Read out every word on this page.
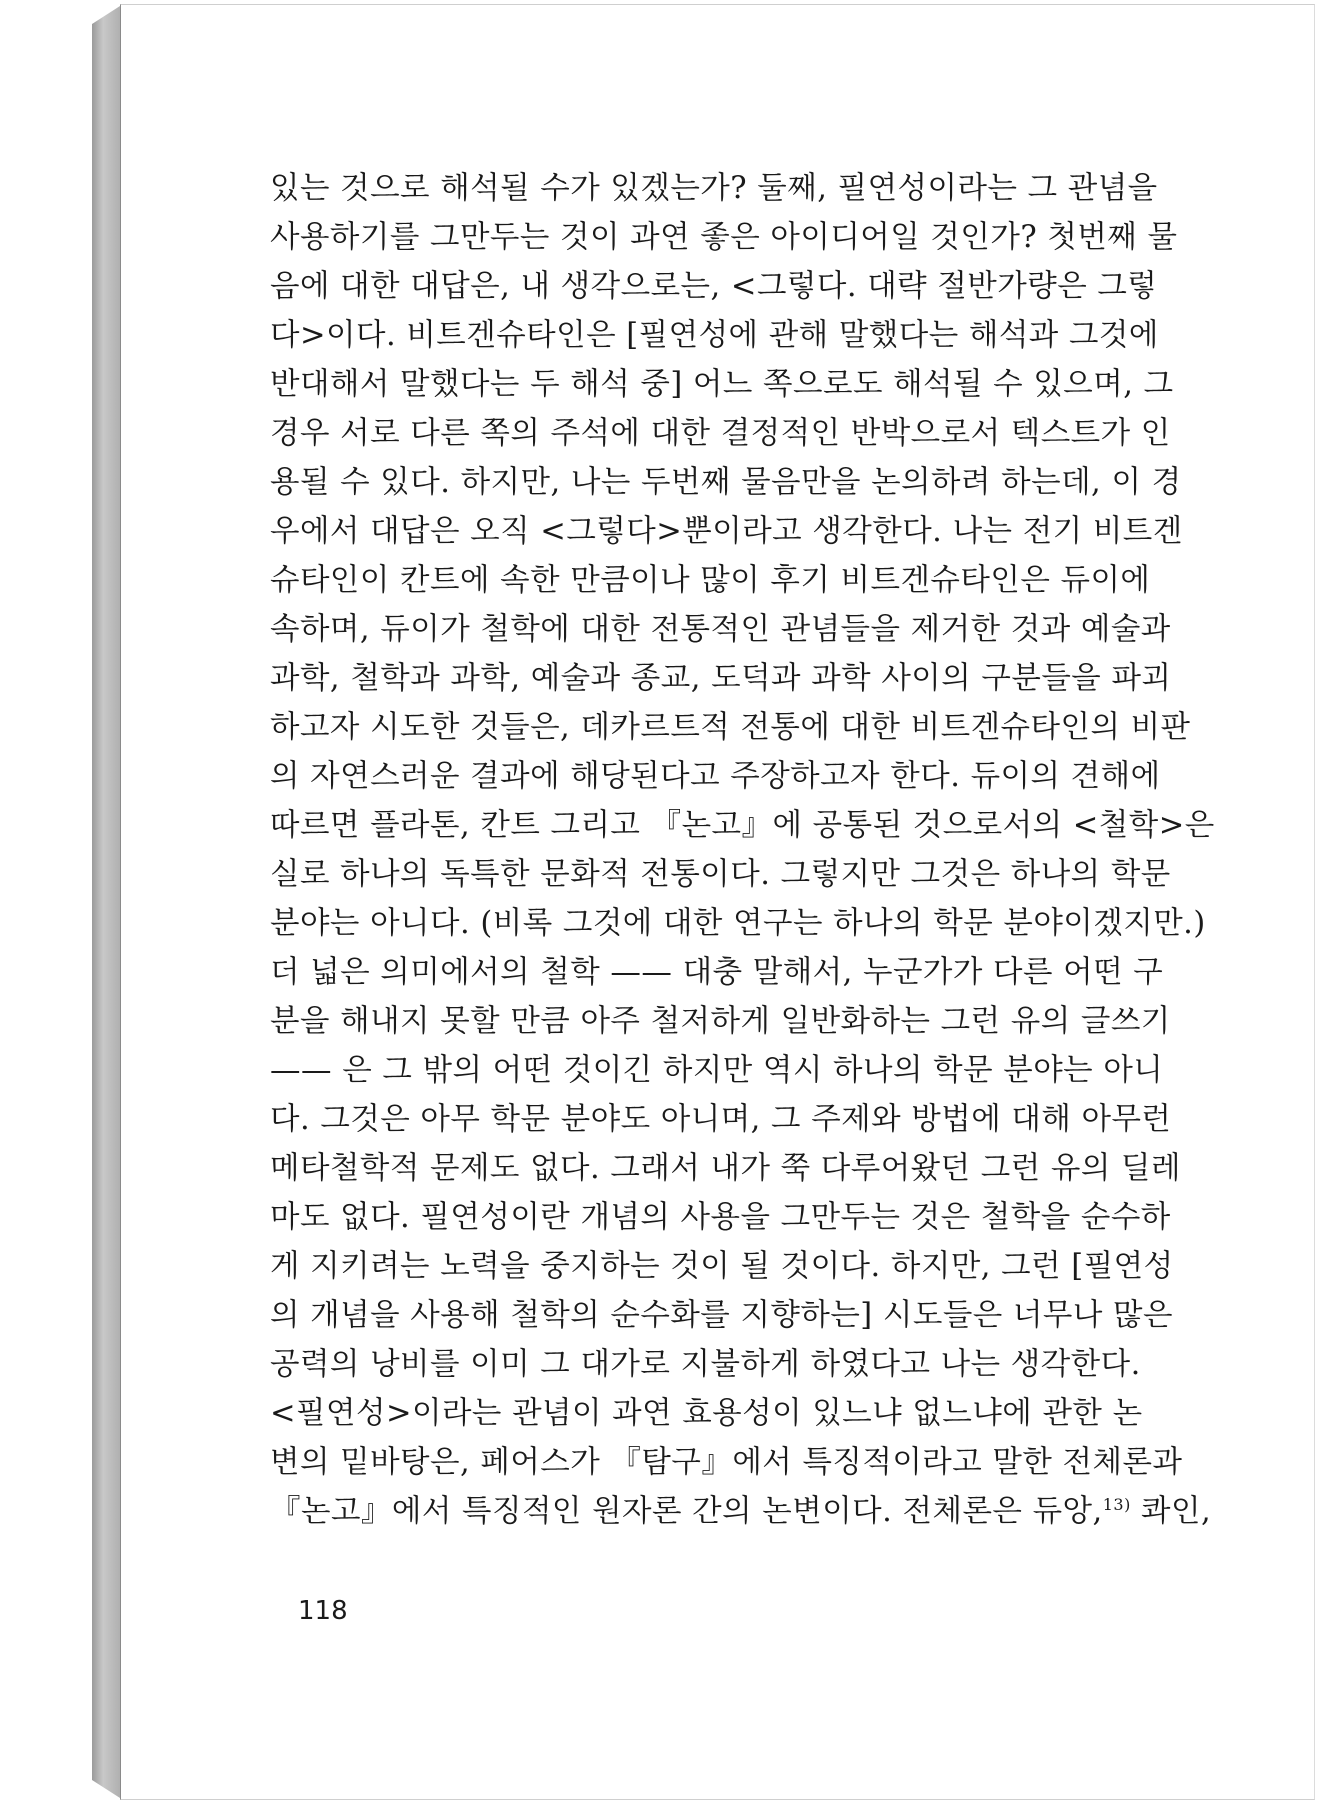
있는 것으로 해석될 수가 있겠는가? 둘째, 필연성이라는 그 관념을
사용하기를 그만두는 것이 과연 좋은 아이디어일 것인가? 첫번째 물
음에 대한 대답은, 내 생각으로는, <그렇다. 대략 절반가량은 그렇
다>이다. 비트겐슈타인은 [필연성에 관해 말했다는 해석과 그것에
반대해서 말했다는 두 해석 중] 어느 쪽으로도 해석될 수 있으며, 그
경우 서로 다른 쪽의 주석에 대한 결정적인 반박으로서 텍스트가 인
용될 수 있다. 하지만, 나는 두번째 물음만을 논의하려 하는데, 이 경
우에서 대답은 오직 <그렇다>뿐이라고 생각한다. 나는 전기 비트겐
슈타인이 칸트에 속한 만큼이나 많이 후기 비트겐슈타인은 듀이에
속하며, 듀이가 철학에 대한 전통적인 관념들을 제거한 것과 예술과
과학, 철학과 과학, 예술과 종교, 도덕과 과학 사이의 구분들을 파괴
하고자 시도한 것들은, 데카르트적 전통에 대한 비트겐슈타인의 비판
의 자연스러운 결과에 해당된다고 주장하고자 한다. 듀이의 견해에
따르면 플라톤, 칸트 그리고 『논고』에 공통된 것으로서의 <철학>은
실로 하나의 독특한 문화적 전통이다. 그렇지만 그것은 하나의 학문
분야는 아니다. (비록 그것에 대한 연구는 하나의 학문 분야이겠지만.)
더 넓은 의미에서의 철학 —— 대충 말해서, 누군가가 다른 어떤 구
분을 해내지 못할 만큼 아주 철저하게 일반화하는 그런 유의 글쓰기
—— 은 그 밖의 어떤 것이긴 하지만 역시 하나의 학문 분야는 아니
다. 그것은 아무 학문 분야도 아니며, 그 주제와 방법에 대해 아무런
메타철학적 문제도 없다. 그래서 내가 쭉 다루어왔던 그런 유의 딜레
마도 없다. 필연성이란 개념의 사용을 그만두는 것은 철학을 순수하
게 지키려는 노력을 중지하는 것이 될 것이다. 하지만, 그런 [필연성
의 개념을 사용해 철학의 순수화를 지향하는] 시도들은 너무나 많은
공력의 낭비를 이미 그 대가로 지불하게 하였다고 나는 생각한다.
<필연성>이라는 관념이 과연 효용성이 있느냐 없느냐에 관한 논
변의 밑바탕은, 페어스가 『탐구』에서 특징적이라고 말한 전체론과
『논고』에서 특징적인 원자론 간의 논변이다. 전체론은 듀앙,$^{13)}$ 콰인,
118
